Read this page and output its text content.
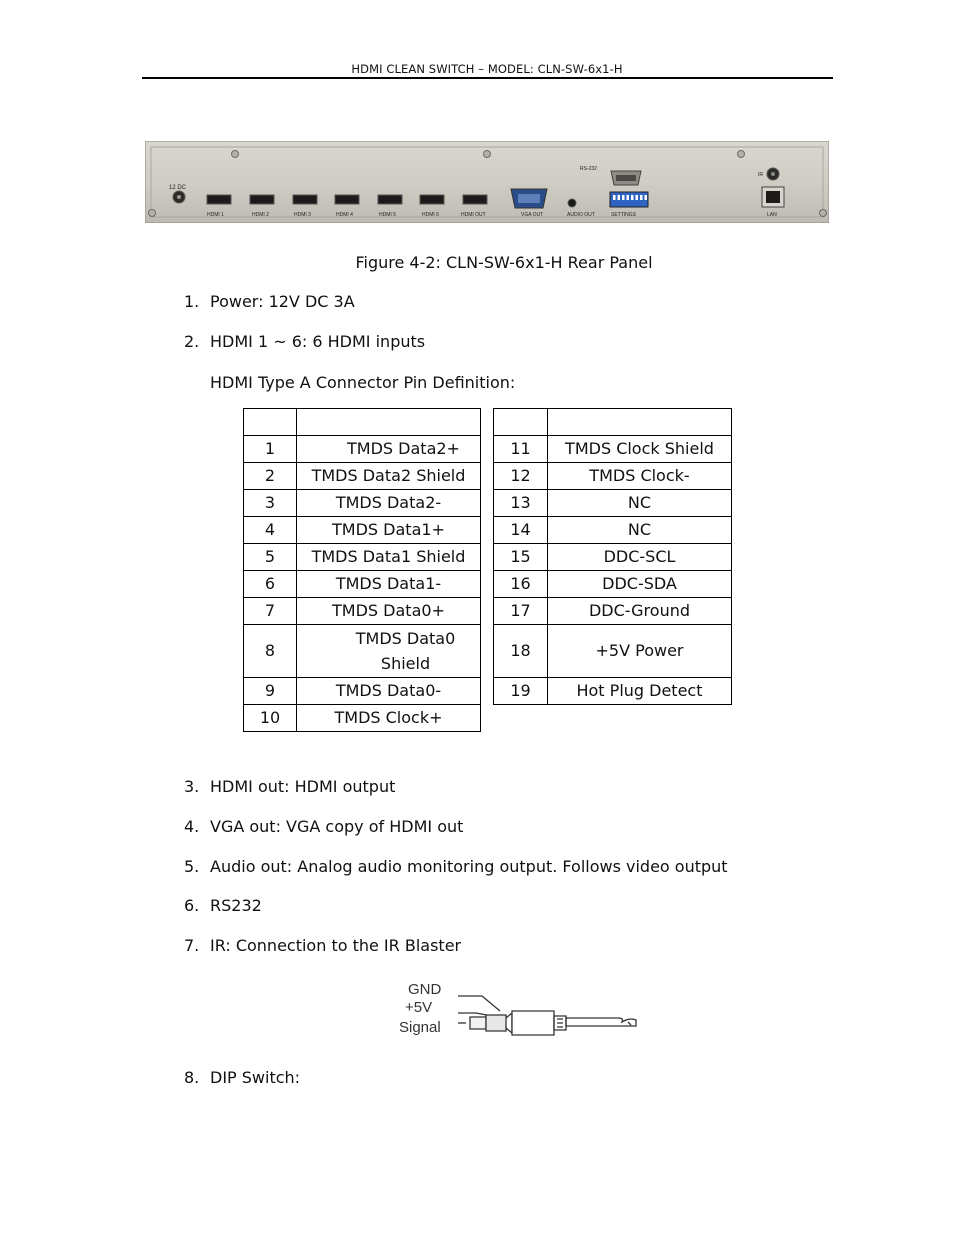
HDMI CLEAN SWITCH – MODEL: CLN-SW-6x1-H
12 DC
HDMI 1	HDMI 2	HDMI 3	HDMI 4	HDMI 5	HDMI 6	HDMI OUT	VGA OUT	AUDIO OUT	SETTINGS
RS-232
IR
LAN
Figure 4-2: CLN-SW-6x1-H Rear Panel
1. Power: 12V DC 3A
2. HDMI 1 ~ 6: 6 HDMI inputs
HDMI Type A Connector Pin Definition:

1	TMDS Data2+
2	TMDS Data2 Shield
3	TMDS Data2-
4	TMDS Data1+
5	TMDS Data1 Shield
6	TMDS Data1-
7	TMDS Data0+
8	TMDS Data0
Shield
9	TMDS Data0-
10	TMDS Clock+

11	TMDS Clock Shield
12	TMDS Clock-
13	NC
14	NC
15	DDC-SCL
16	DDC-SDA
17	DDC-Ground
18	+5V Power
19	Hot Plug Detect
3. HDMI out: HDMI output
4. VGA out: VGA copy of HDMI out
5. Audio out: Analog audio monitoring output. Follows video output
6. RS232
7. IR: Connection to the IR Blaster
GND
+5V
Signal
8. DIP Switch:
